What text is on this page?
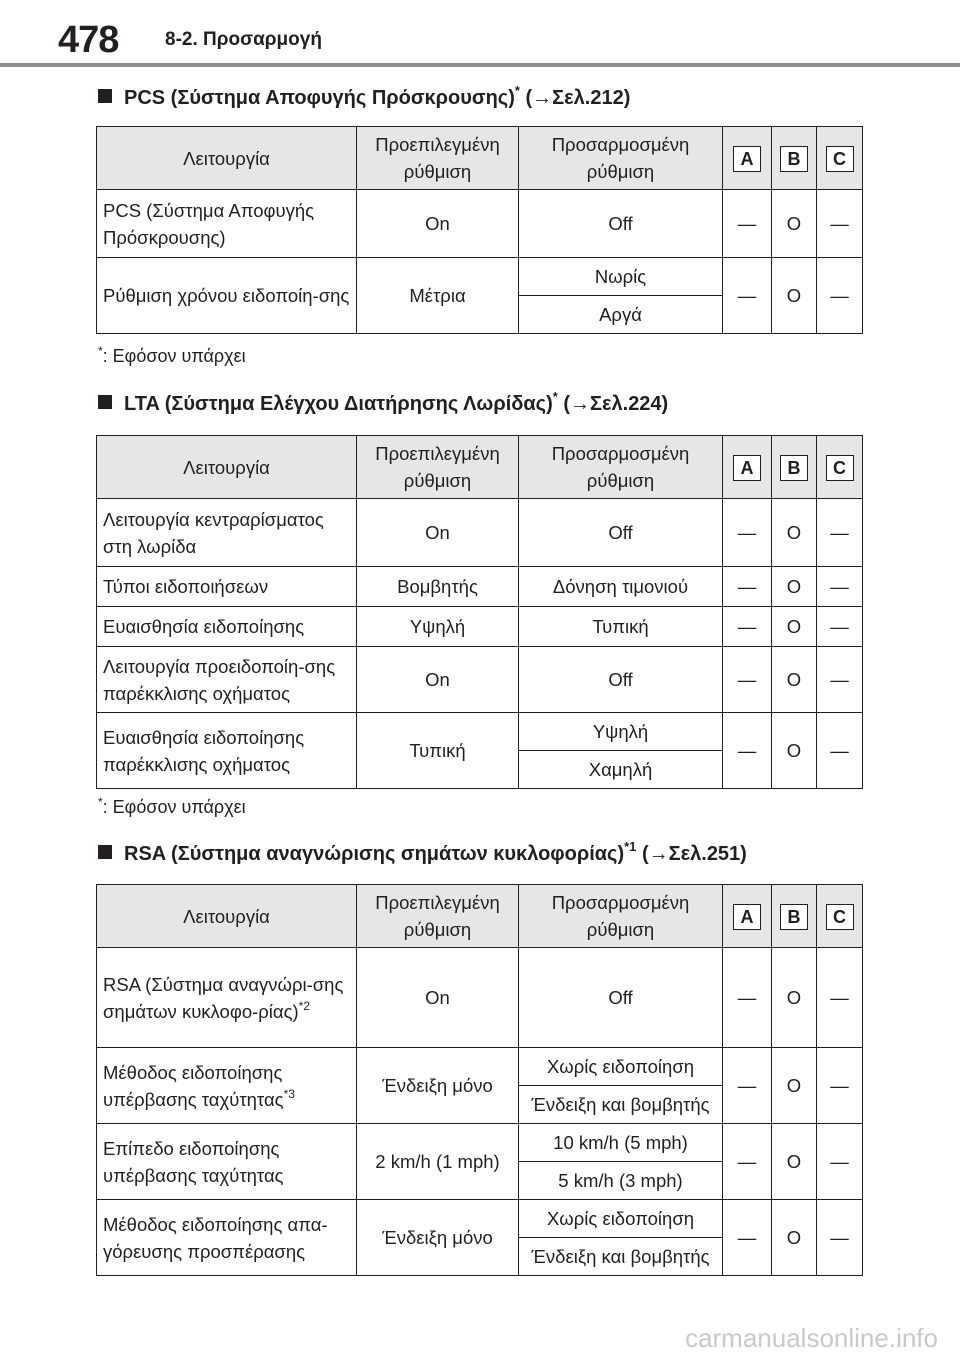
478 8-2. Προσαρμογή
PCS (Σύστημα Αποφυγής Πρόσκρουσης)* (→Σελ.212)
Λειτουργία	Προεπιλεγμένη ρύθμιση	Προσαρμοσμένη ρύθμιση	A	B	C
PCS (Σύστημα Αποφυγής Πρόσκρουσης)	On	Off	—	O	—
Ρύθμιση χρόνου ειδοποίη-σης	Μέτρια	Νωρίς	—	O	—
		Αργά			
*: Εφόσον υπάρχει
LTA (Σύστημα Ελέγχου Διατήρησης Λωρίδας)* (→Σελ.224)
Λειτουργία	Προεπιλεγμένη ρύθμιση	Προσαρμοσμένη ρύθμιση	A	B	C
Λειτουργία κεντραρίσματος στη λωρίδα	On	Off	—	O	—
Τύποι ειδοποιήσεων	Βομβητής	Δόνηση τιμονιού	—	O	—
Ευαισθησία ειδοποίησης	Υψηλή	Τυπική	—	O	—
Λειτουργία προειδοποίη-σης παρέκκλισης οχήματος	On	Off	—	O	—
Ευαισθησία ειδοποίησης παρέκκλισης οχήματος	Τυπική	Υψηλή	—	O	—
		Χαμηλή			
*: Εφόσον υπάρχει
RSA (Σύστημα αναγνώρισης σημάτων κυκλοφορίας)$^{*1}$ (→Σελ.251)
Λειτουργία	Προεπιλεγμένη ρύθμιση	Προσαρμοσμένη ρύθμιση	A	B	C
RSA (Σύστημα αναγνώρι-σης σημάτων κυκλοφο-ρίας)$^{*2}$	On	Off	—	O	—
Μέθοδος ειδοποίησης υπέρβασης ταχύτητας$^{*3}$	Ένδειξη μόνο	Χωρίς ειδοποίηση	—	O	—
		Ένδειξη και βομβητής			
Επίπεδο ειδοποίησης υπέρβασης ταχύτητας	2 km/h (1 mph)	10 km/h (5 mph)	—	O	—
		5 km/h (3 mph)			
Μέθοδος ειδοποίησης απα-γόρευσης προσπέρασης	Ένδειξη μόνο	Χωρίς ειδοποίηση	—	O	—
		Ένδειξη και βομβητής			
carmanualsonline.info
